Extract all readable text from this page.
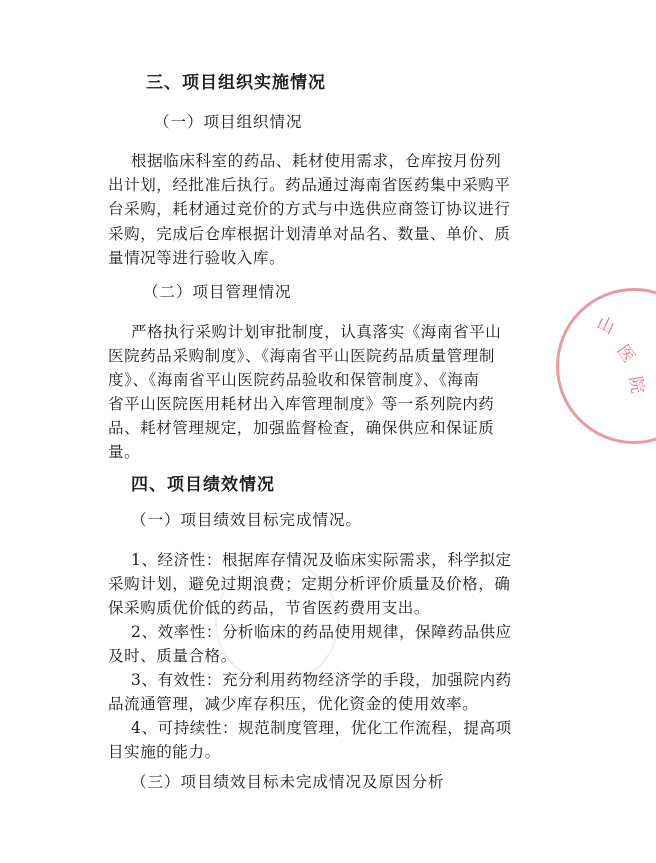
三、项目组织实施情况
（一）项目组织情况
根据临床科室的药品、耗材使用需求，仓库按月份列
出计划，经批准后执行。药品通过海南省医药集中采购平
台采购，耗材通过竞价的方式与中选供应商签订协议进行
采购，完成后仓库根据计划清单对品名、数量、单价、质
量情况等进行验收入库。
（二）项目管理情况
严格执行采购计划审批制度，认真落实《海南省平山
医院药品采购制度》、《海南省平山医院药品质量管理制
度》、《海南省平山医院药品验收和保管制度》、《海南
省平山医院医用耗材出入库管理制度》等一系列院内药
品、耗材管理规定，加强监督检查，确保供应和保证质
量。
四、项目绩效情况
（一）项目绩效目标完成情况。
1、经济性：根据库存情况及临床实际需求，科学拟定
采购计划，避免过期浪费；定期分析评价质量及价格，确
保采购质优价低的药品，节省医药费用支出。
2、效率性：分析临床的药品使用规律，保障药品供应
及时、质量合格。
3、有效性：充分利用药物经济学的手段，加强院内药
品流通管理，减少库存积压，优化资金的使用效率。
4、可持续性：规范制度管理，优化工作流程，提高项
目实施的能力。
（三）项目绩效目标未完成情况及原因分析
山
医
院
